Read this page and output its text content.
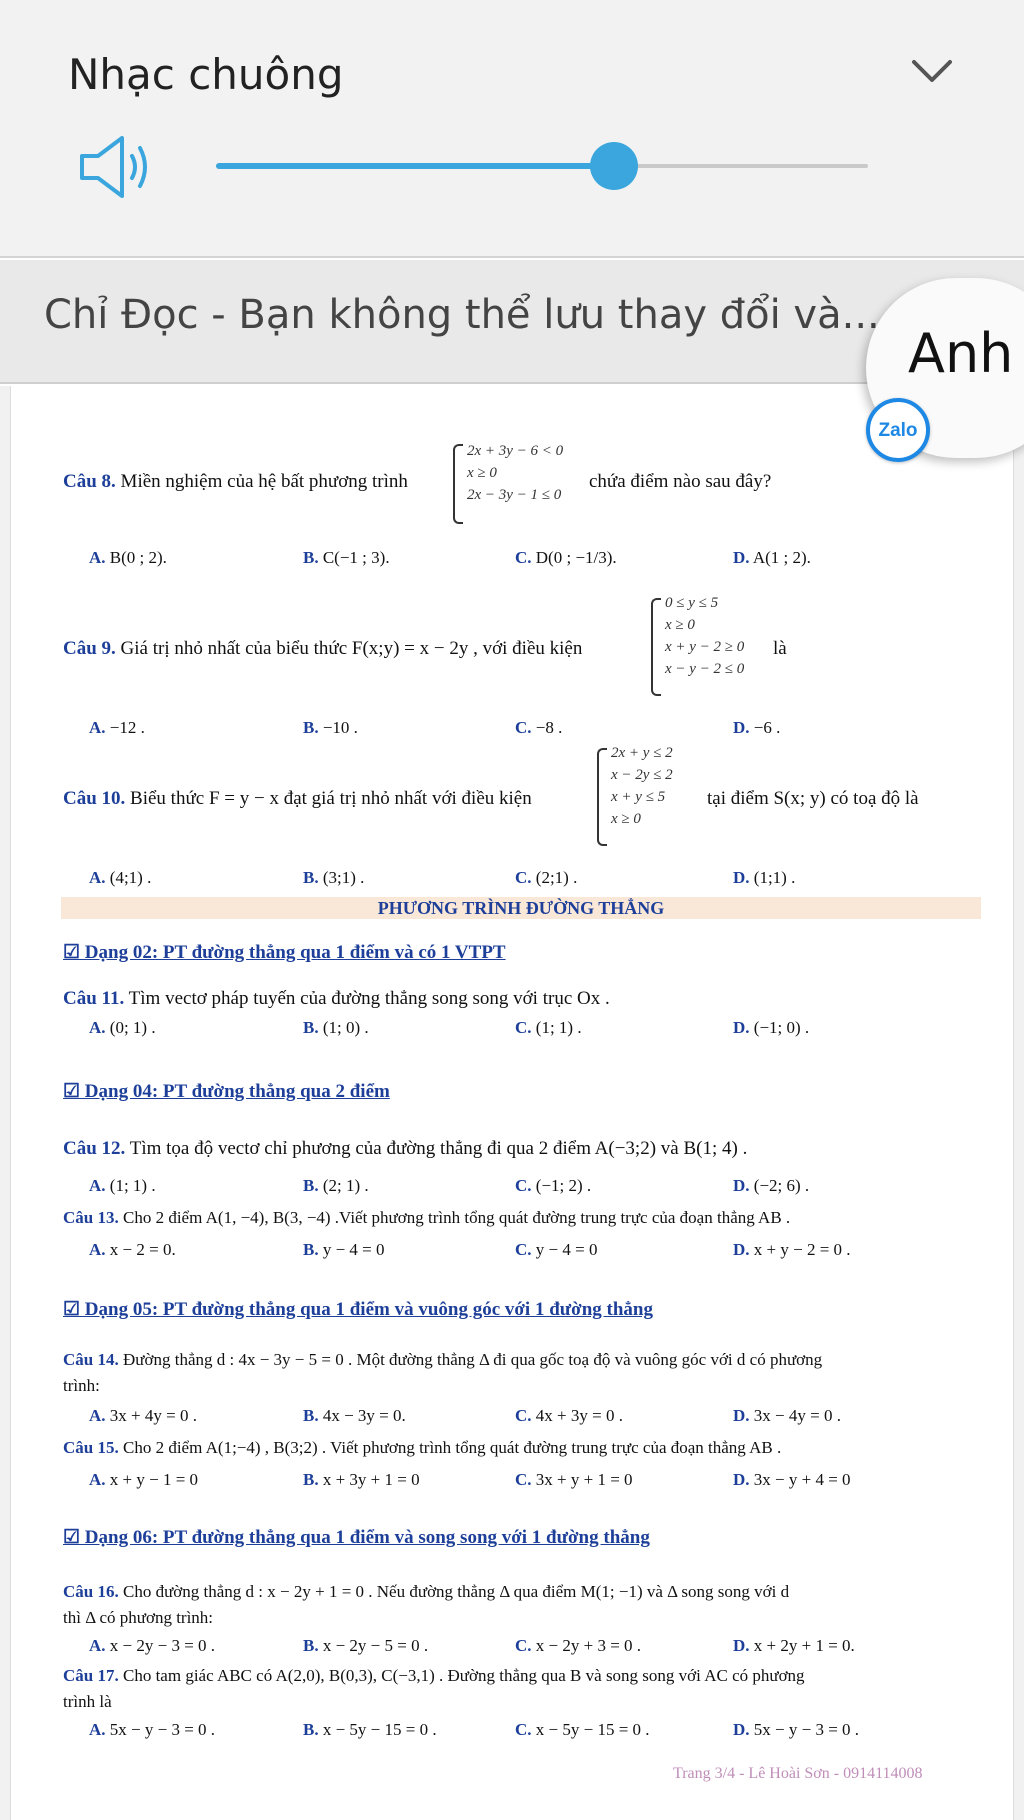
Nhạc chuông
Chỉ Đọc - Bạn không thể lưu thay đổi và...
Câu 8. Miền nghiệm của hệ bất phương trình
2x + 3y − 6 < 0
x ≥ 0
2x − 3y − 1 ≤ 0
chứa điểm nào sau đây?
A. B(0 ; 2).	B. C(−1 ; 3).	C. D(0 ; −1/3).	D. A(1 ; 2).
Câu 9. Giá trị nhỏ nhất của biểu thức F(x;y) = x − 2y , với điều kiện
0 ≤ y ≤ 5
x ≥ 0
x + y − 2 ≥ 0
x − y − 2 ≤ 0
là
A. −12 .	B. −10 .	C. −8 .	D. −6 .
Câu 10. Biểu thức F = y − x đạt giá trị nhỏ nhất với điều kiện
2x + y ≤ 2
x − 2y ≤ 2
x + y ≤ 5
x ≥ 0
tại điểm S(x; y) có toạ độ là
A. (4;1) .	B. (3;1) .	C. (2;1) .	D. (1;1) .
PHƯƠNG TRÌNH ĐƯỜNG THẲNG
☑ Dạng 02: PT đường thẳng qua 1 điểm và có 1 VTPT
Câu 11. Tìm vectơ pháp tuyến của đường thẳng song song với trục Ox .
A. (0; 1) .	B. (1; 0) .	C. (1; 1) .	D. (−1; 0) .
☑ Dạng 04: PT đường thẳng qua 2 điểm
Câu 12. Tìm tọa độ vectơ chỉ phương của đường thẳng đi qua 2 điểm A(−3;2) và B(1; 4) .
A. (1; 1) .	B. (2; 1) .	C. (−1; 2) .	D. (−2; 6) .
Câu 13. Cho 2 điểm A(1, −4), B(3, −4) .Viết phương trình tổng quát đường trung trực của đoạn thẳng AB .
A. x − 2 = 0.	B. y − 4 = 0	C. y − 4 = 0	D. x + y − 2 = 0 .
☑ Dạng 05: PT đường thẳng qua 1 điểm và vuông góc với 1 đường thẳng
Câu 14. Đường thẳng d : 4x − 3y − 5 = 0 . Một đường thẳng Δ đi qua gốc toạ độ và vuông góc với d có phương
trình:
A. 3x + 4y = 0 .	B. 4x − 3y = 0.	C. 4x + 3y = 0 .	D. 3x − 4y = 0 .
Câu 15. Cho 2 điểm A(1;−4) , B(3;2) . Viết phương trình tổng quát đường trung trực của đoạn thẳng AB .
A. x + y − 1 = 0	B. x + 3y + 1 = 0	C. 3x + y + 1 = 0	D. 3x − y + 4 = 0
☑ Dạng 06: PT đường thẳng qua 1 điểm và song song với 1 đường thẳng
Câu 16. Cho đường thẳng d : x − 2y + 1 = 0 . Nếu đường thẳng Δ qua điểm M(1; −1) và Δ song song với d
thì Δ có phương trình:
A. x − 2y − 3 = 0 .	B. x − 2y − 5 = 0 .	C. x − 2y + 3 = 0 .	D. x + 2y + 1 = 0.
Câu 17. Cho tam giác ABC có A(2,0), B(0,3), C(−3,1) . Đường thẳng qua B và song song với AC có phương
trình là
A. 5x − y − 3 = 0 .	B. x − 5y − 15 = 0 .	C. x − 5y − 15 = 0 .	D. 5x − y − 3 = 0 .
Trang 3/4 - Lê Hoài Sơn - 0914114008
Anh
Zalo
